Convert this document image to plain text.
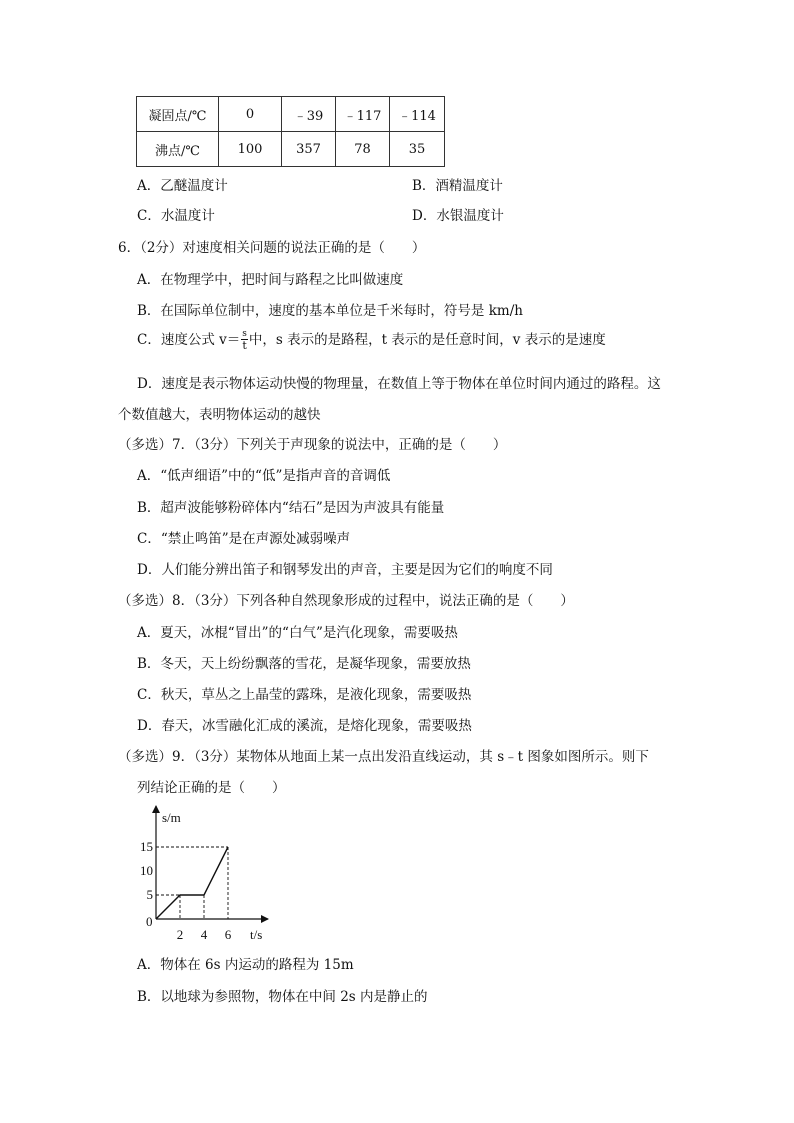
凝固点/℃	0	﹣39	﹣117	﹣114
沸点/℃	100	357	78	35
A．乙醚温度计	B．酒精温度计
C．水温度计	D．水银温度计
6．（2分）对速度相关问题的说法正确的是（　　）
A．在物理学中，把时间与路程之比叫做速度
B．在国际单位制中，速度的基本单位是千米每时，符号是 km/h
C．速度公式 $v= \frac{s}{t}$ 中，s 表示的是路程，t 表示的是任意时间，v 表示的是速度
D．速度是表示物体运动快慢的物理量，在数值上等于物体在单位时间内通过的路程。这
个数值越大，表明物体运动的越快
（多选）7．（3分）下列关于声现象的说法中，正确的是（　　）
A．“低声细语”中的“低”是指声音的音调低
B．超声波能够粉碎体内“结石”是因为声波具有能量
C．“禁止鸣笛”是在声源处减弱噪声
D．人们能分辨出笛子和钢琴发出的声音，主要是因为它们的响度不同
（多选）8．（3分）下列各种自然现象形成的过程中，说法正确的是（　　）
A．夏天，冰棍“冒出”的“白气”是汽化现象，需要吸热
B．冬天，天上纷纷飘落的雪花，是凝华现象，需要放热
C．秋天，草丛之上晶莹的露珠，是液化现象，需要吸热
D．春天，冰雪融化汇成的溪流，是熔化现象，需要吸热
（多选）9．（3分）某物体从地面上某一点出发沿直线运动，其 s﹣t 图象如图所示。则下
列结论正确的是（　　）
s/m
t/s
0
2 4 6
5
10
15
A．物体在 6s 内运动的路程为 15m
B．以地球为参照物，物体在中间 2s 内是静止的
